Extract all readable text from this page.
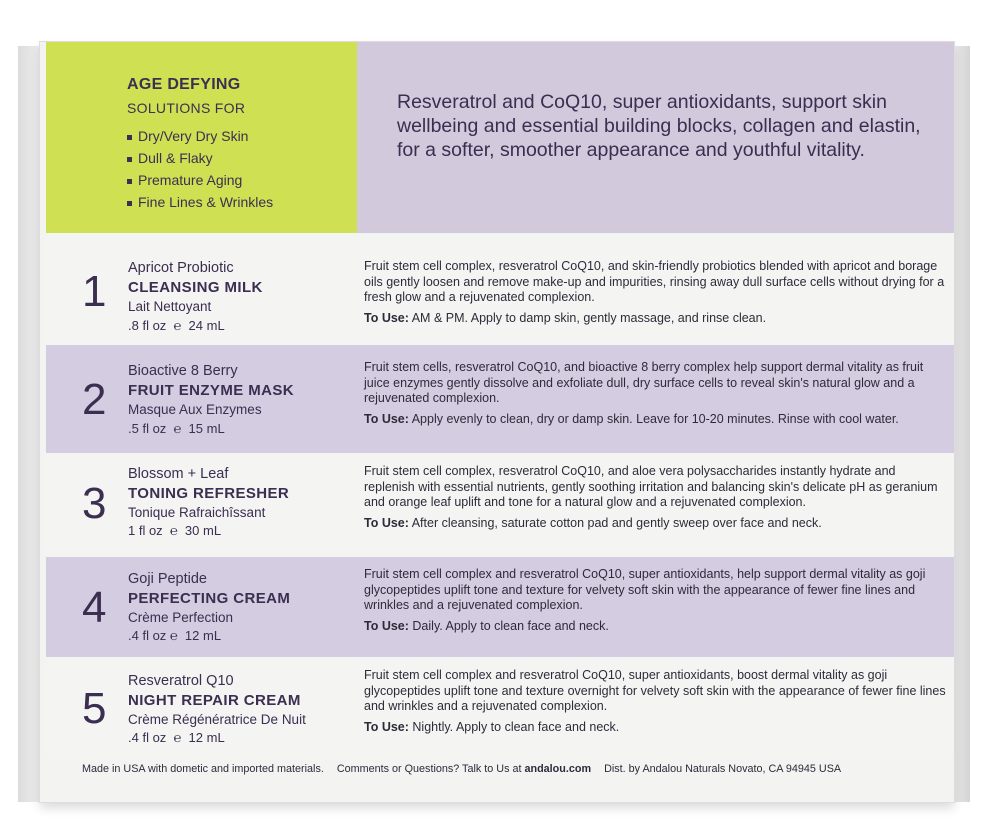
AGE DEFYING
SOLUTIONS FOR
Dry/Very Dry Skin
Dull & Flaky
Premature Aging
Fine Lines & Wrinkles
Resveratrol and CoQ10, super antioxidants, support skin wellbeing and essential building blocks, collagen and elastin, for a softer, smoother appearance and youthful vitality.
1 Apricot Probiotic
CLEANSING MILK
Lait Nettoyant
.8 fl oz  ℮  24 mL
Fruit stem cell complex, resveratrol CoQ10, and skin-friendly probiotics blended with apricot and borage oils gently loosen and remove make-up and impurities, rinsing away dull surface cells without drying for a fresh glow and a rejuvenated complexion.
To Use: AM & PM. Apply to damp skin, gently massage, and rinse clean.
2
Bioactive 8 Berry
FRUIT ENZYME MASK
Masque Aux Enzymes
.5 fl oz  ℮  15 mL
Fruit stem cells, resveratrol CoQ10, and bioactive 8 berry complex help support dermal vitality as fruit juice enzymes gently dissolve and exfoliate dull, dry surface cells to reveal skin's natural glow and a rejuvenated complexion.
To Use: Apply evenly to clean, dry or damp skin. Leave for 10-20 minutes. Rinse with cool water.
3
Blossom + Leaf
TONING REFRESHER
Tonique Rafraichîssant
1 fl oz  ℮  30 mL
Fruit stem cell complex, resveratrol CoQ10, and aloe vera polysaccharides instantly hydrate and replenish with essential nutrients, gently soothing irritation and balancing skin's delicate pH as geranium and orange leaf uplift and tone for a natural glow and a rejuvenated complexion.
To Use: After cleansing, saturate cotton pad and gently sweep over face and neck.
4
Goji Peptide
PERFECTING CREAM
Crème Perfection
.4 fl oz ℮  12 mL
Fruit stem cell complex and resveratrol CoQ10, super antioxidants, help support dermal vitality as goji glycopeptides uplift tone and texture for velvety soft skin with the appearance of fewer fine lines and wrinkles and a rejuvenated complexion.
To Use: Daily. Apply to clean face and neck.
5
Resveratrol Q10
NIGHT REPAIR CREAM
Crème Régénératrice De Nuit
.4 fl oz  ℮  12 mL
Fruit stem cell complex and resveratrol CoQ10, super antioxidants, boost dermal vitality as goji glycopeptides uplift tone and texture overnight for velvety soft skin with the appearance of fewer fine lines and wrinkles and a rejuvenated complexion.
To Use: Nightly. Apply to clean face and neck.
Made in USA with dometic and imported materials. Comments or Questions? Talk to Us at andalou.com Dist. by Andalou Naturals Novato, CA 94945 USA
